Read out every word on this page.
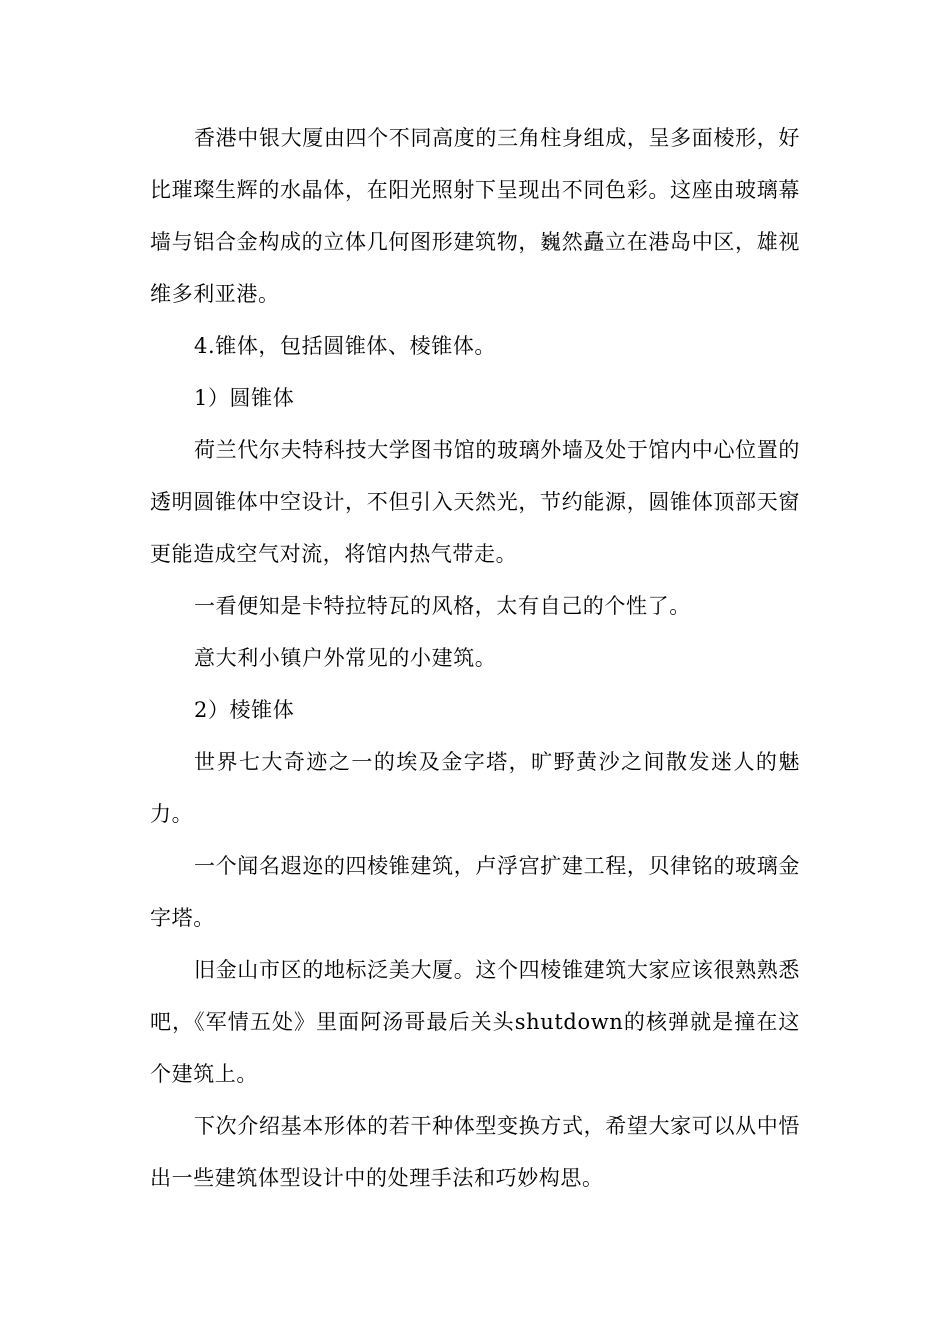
香港中银大厦由四个不同高度的三角柱身组成，呈多面棱形，好比璀璨生辉的水晶体，在阳光照射下呈现出不同色彩。这座由玻璃幕墙与铝合金构成的立体几何图形建筑物，巍然矗立在港岛中区，雄视维多利亚港。

4.锥体，包括圆锥体、棱锥体。

1）圆锥体

荷兰代尔夫特科技大学图书馆的玻璃外墙及处于馆内中心位置的透明圆锥体中空设计，不但引入天然光，节约能源，圆锥体顶部天窗更能造成空气对流，将馆内热气带走。

一看便知是卡特拉特瓦的风格，太有自己的个性了。

意大利小镇户外常见的小建筑。

2）棱锥体

世界七大奇迹之一的埃及金字塔，旷野黄沙之间散发迷人的魅力。

一个闻名遐迩的四棱锥建筑，卢浮宫扩建工程，贝律铭的玻璃金字塔。

旧金山市区的地标泛美大厦。这个四棱锥建筑大家应该很熟熟悉吧，《军情五处》里面阿汤哥最后关头shutdown的核弹就是撞在这个建筑上。

下次介绍基本形体的若干种体型变换方式，希望大家可以从中悟出一些建筑体型设计中的处理手法和巧妙构思。
